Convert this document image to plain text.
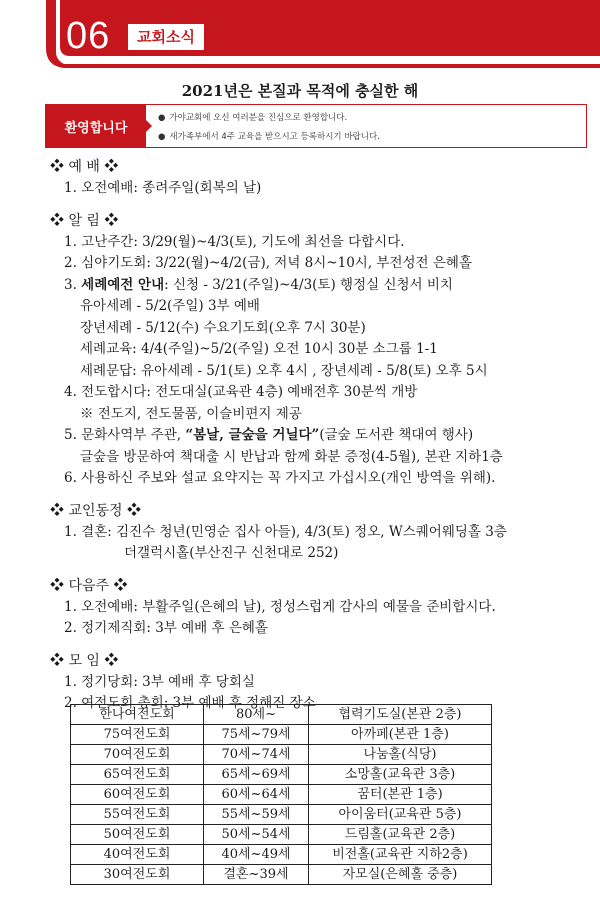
06	교회소식
2021년은 본질과 목적에 충실한 해
환영합니다
● 가야교회에 오신 여러분을 진심으로 환영합니다.
● 새가족부에서 4주 교육을 받으시고 등록하시기 바랍니다.
❖ 예 배 ❖
1. 오전예배: 종려주일(회복의 날)
❖ 알 림 ❖
1. 고난주간: 3/29(월)~4/3(토), 기도에 최선을 다합시다.
2. 심야기도회: 3/22(월)~4/2(금), 저녁 8시~10시, 부전성전 은혜홀
3. 세례예전 안내: 신청 - 3/21(주일)~4/3(토) 행정실 신청서 비치
유아세례 - 5/2(주일) 3부 예배
장년세례 - 5/12(수) 수요기도회(오후 7시 30분)
세례교육: 4/4(주일)~5/2(주일) 오전 10시 30분 소그룹 1-1
세례문답: 유아세례 - 5/1(토) 오후 4시 , 장년세례 - 5/8(토) 오후 5시
4. 전도합시다: 전도대실(교육관 4층) 예배전후 30분씩 개방
※ 전도지, 전도물품, 이슬비편지 제공
5. 문화사역부 주관, “봄날, 글숲을 거닐다”(글숲 도서관 책대여 행사)
글숲을 방문하여 책대출 시 반납과 함께 화분 증정(4-5월), 본관 지하1층
6. 사용하신 주보와 설교 요약지는 꼭 가지고 가십시오(개인 방역을 위해).
❖ 교인동정 ❖
1. 결혼: 김진수 청년(민영순 집사 아들), 4/3(토) 정오, W스퀘어웨딩홀 3층
더갤럭시홀(부산진구 신천대로 252)
❖ 다음주 ❖
1. 오전예배: 부활주일(은혜의 날), 정성스럽게 감사의 예물을 준비합시다.
2. 정기제직회: 3부 예배 후 은혜홀
❖ 모 임 ❖
1. 정기당회: 3부 예배 후 당회실
2. 여전도회 총회: 3부 예배 후 정해진 장소
한나여전도회	80세~	협력기도실(본관 2층)
75여전도회	75세~79세	아까페(본관 1층)
70여전도회	70세~74세	나눔홀(식당)
65여전도회	65세~69세	소망홀(교육관 3층)
60여전도회	60세~64세	꿈터(본관 1층)
55여전도회	55세~59세	아이움터(교육관 5층)
50여전도회	50세~54세	드림홀(교육관 2층)
40여전도회	40세~49세	비전홀(교육관 지하2층)
30여전도회	결혼~39세	자모실(은혜홀 중층)
